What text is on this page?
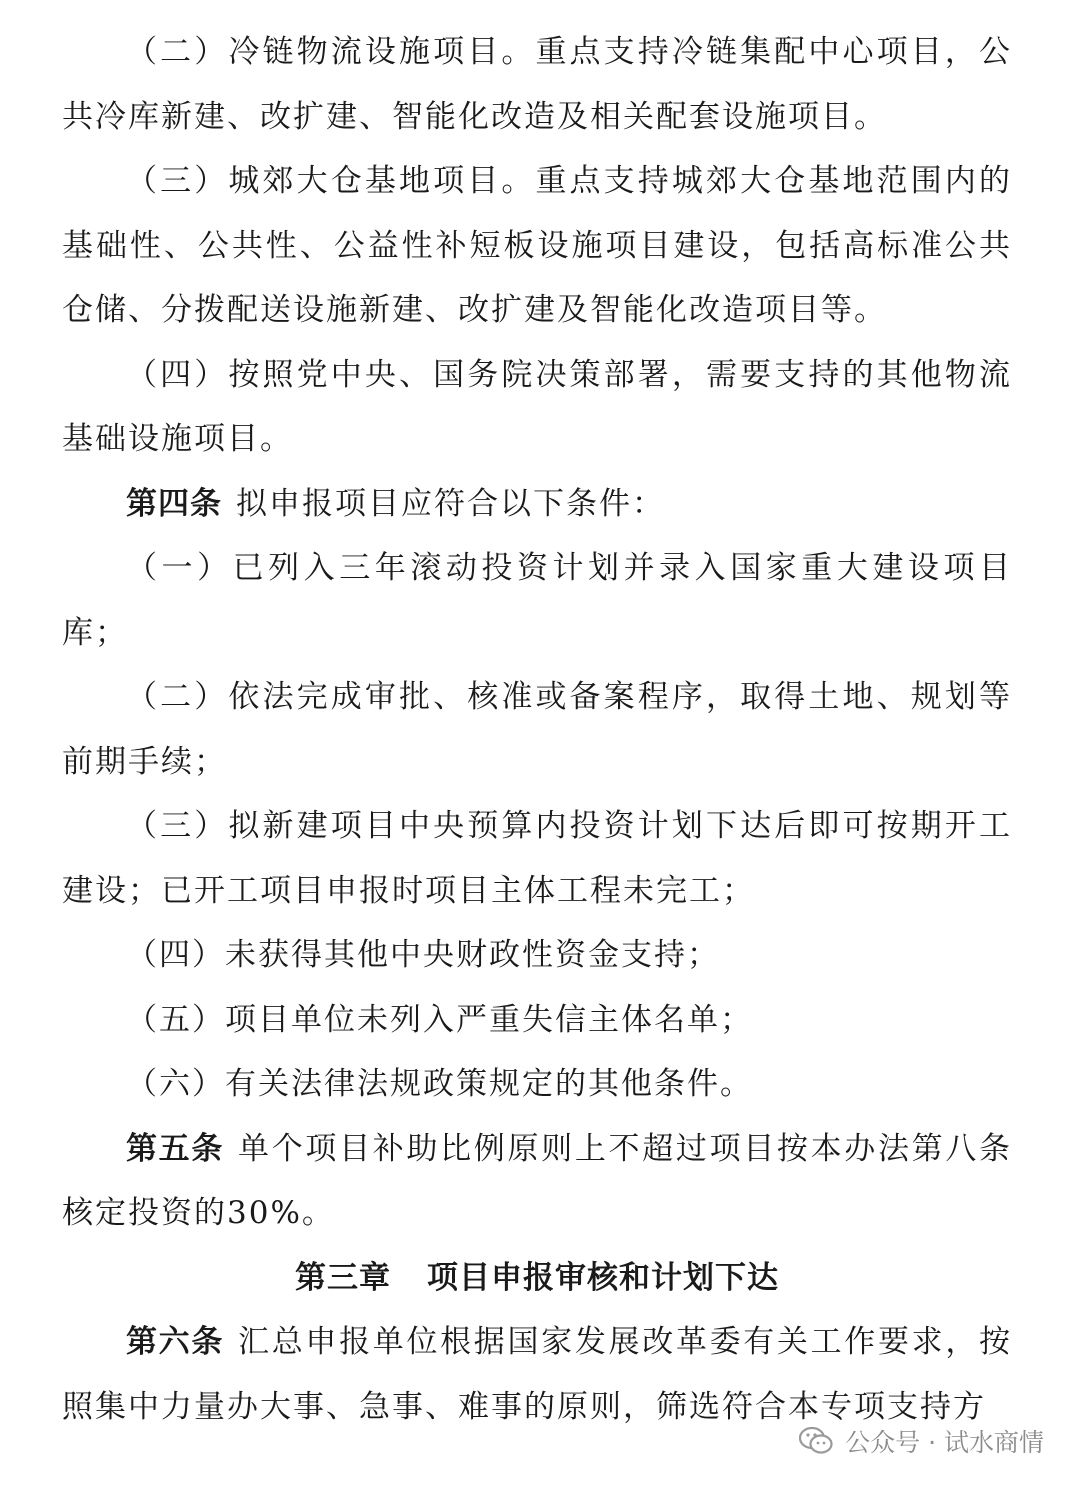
（二）冷链物流设施项目。重点支持冷链集配中心项目，公
共冷库新建、改扩建、智能化改造及相关配套设施项目。
（三）城郊大仓基地项目。重点支持城郊大仓基地范围内的
基础性、公共性、公益性补短板设施项目建设，包括高标准公共
仓储、分拨配送设施新建、改扩建及智能化改造项目等。
（四）按照党中央、国务院决策部署，需要支持的其他物流
基础设施项目。
第四条 拟申报项目应符合以下条件：
（一）已列入三年滚动投资计划并录入国家重大建设项目
库；
（二）依法完成审批、核准或备案程序，取得土地、规划等
前期手续；
（三）拟新建项目中央预算内投资计划下达后即可按期开工
建设；已开工项目申报时项目主体工程未完工；
（四）未获得其他中央财政性资金支持；
（五）项目单位未列入严重失信主体名单；
（六）有关法律法规政策规定的其他条件。
第五条 单个项目补助比例原则上不超过项目按本办法第八条
核定投资的30%。
第三章 项目申报审核和计划下达
第六条 汇总申报单位根据国家发展改革委有关工作要求，按
照集中力量办大事、急事、难事的原则，筛选符合本专项支持方
公众号 · 试水商情
